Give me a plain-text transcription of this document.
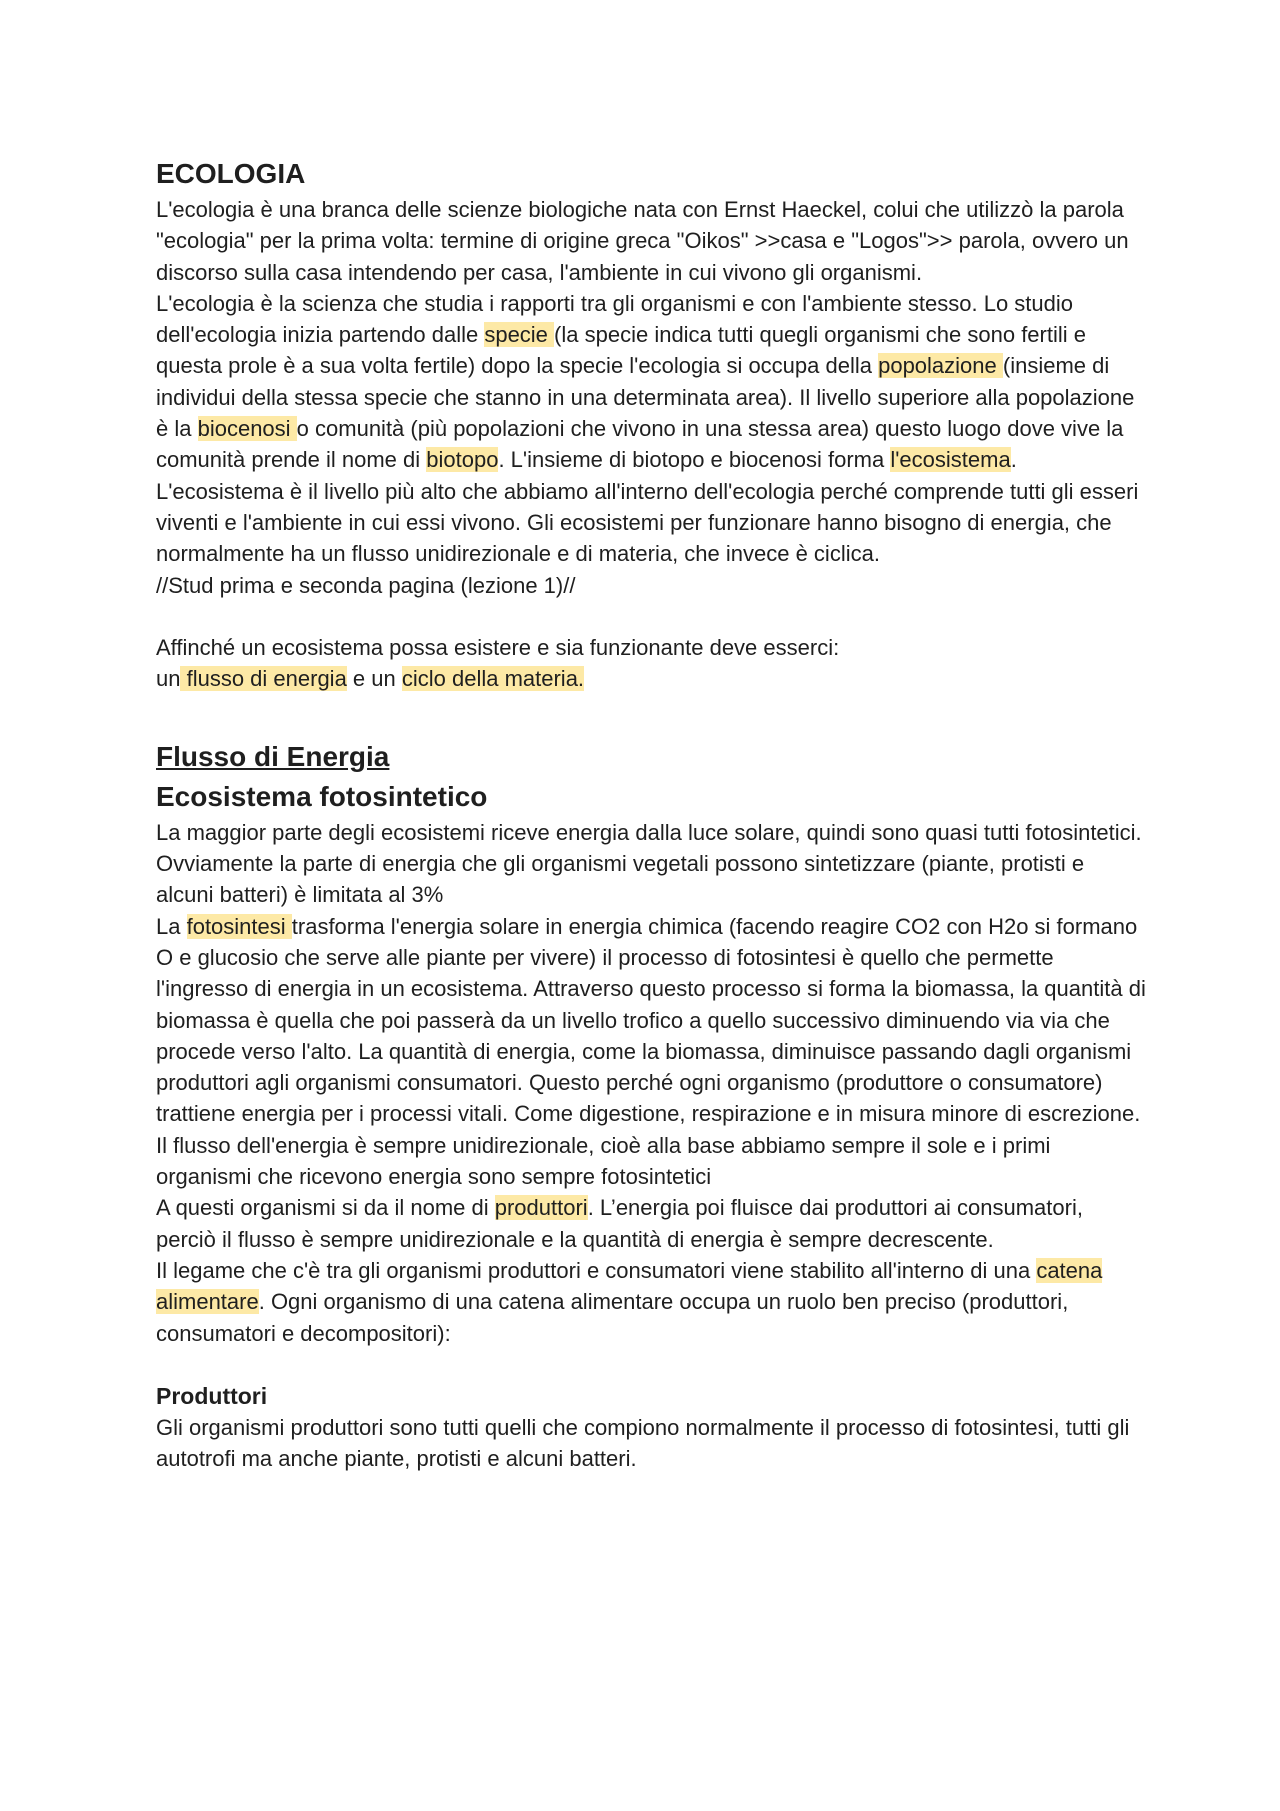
ECOLOGIA

L'ecologia è una branca delle scienze biologiche nata con Ernst Haeckel, colui che utilizzò la parola "ecologia" per la prima volta: termine di origine greca "Oikos" >>casa e "Logos">> parola, ovvero un discorso sulla casa intendendo per casa, l'ambiente in cui vivono gli organismi.

L'ecologia è la scienza che studia i rapporti tra gli organismi e con l'ambiente stesso. Lo studio dell'ecologia inizia partendo dalle specie (la specie indica tutti quegli organismi che sono fertili e questa prole è a sua volta fertile) dopo la specie l'ecologia si occupa della popolazione (insieme di individui della stessa specie che stanno in una determinata area). Il livello superiore alla popolazione è la biocenosi o comunità (più popolazioni che vivono in una stessa area) questo luogo dove vive la comunità prende il nome di biotopo. L'insieme di biotopo e biocenosi forma l'ecosistema. L'ecosistema è il livello più alto che abbiamo all'interno dell'ecologia perché comprende tutti gli esseri viventi e l'ambiente in cui essi vivono. Gli ecosistemi per funzionare hanno bisogno di energia, che normalmente ha un flusso unidirezionale e di materia, che invece è ciclica.

//Stud prima e seconda pagina (lezione 1)//

Affinché un ecosistema possa esistere e sia funzionante deve esserci:

un flusso di energia e un ciclo della materia.

Flusso di Energia
Ecosistema fotosintetico

La maggior parte degli ecosistemi riceve energia dalla luce solare, quindi sono quasi tutti fotosintetici. Ovviamente la parte di energia che gli organismi vegetali possono sintetizzare (piante, protisti e alcuni batteri) è limitata al 3%

La fotosintesi trasforma l'energia solare in energia chimica (facendo reagire CO2 con H2o si formano O e glucosio che serve alle piante per vivere) il processo di fotosintesi è quello che permette l'ingresso di energia in un ecosistema. Attraverso questo processo si forma la biomassa, la quantità di biomassa è quella che poi passerà da un livello trofico a quello successivo diminuendo via via che procede verso l'alto. La quantità di energia, come la biomassa, diminuisce passando dagli organismi produttori agli organismi consumatori. Questo perché ogni organismo (produttore o consumatore) trattiene energia per i processi vitali. Come digestione, respirazione e in misura minore di escrezione. Il flusso dell'energia è sempre unidirezionale, cioè alla base abbiamo sempre il sole e i primi organismi che ricevono energia sono sempre fotosintetici

A questi organismi si da il nome di produttori. L’energia poi fluisce dai produttori ai consumatori, perciò il flusso è sempre unidirezionale e la quantità di energia è sempre decrescente.

Il legame che c'è tra gli organismi produttori e consumatori viene stabilito all'interno di una catena alimentare. Ogni organismo di una catena alimentare occupa un ruolo ben preciso (produttori, consumatori e decompositori):

Produttori

Gli organismi produttori sono tutti quelli che compiono normalmente il processo di fotosintesi, tutti gli autotrofi ma anche piante, protisti e alcuni batteri.
